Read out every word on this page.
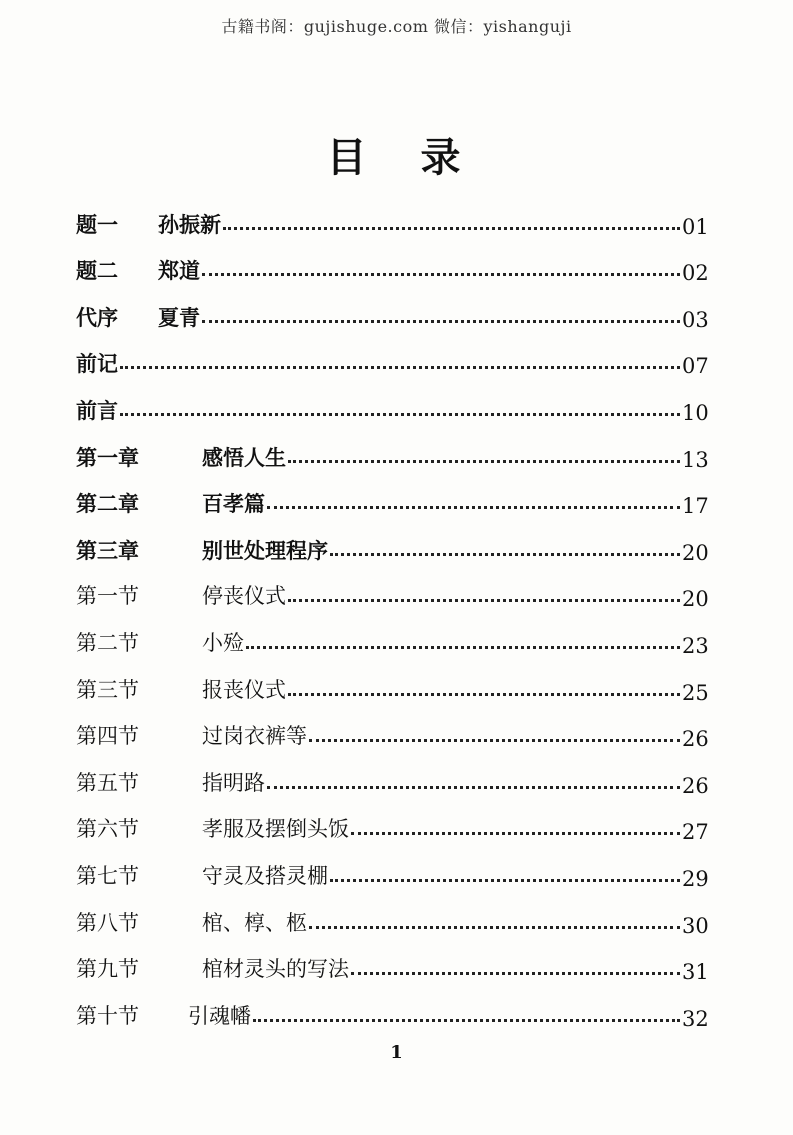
古籍书阁：gujishuge.com 微信：yishanguji
目 录
题一	孙振新	01
题二	郑道	02
代序	夏青	03
前记	07
前言	10
第一章	感悟人生	13
第二章	百孝篇	17
第三章	别世处理程序	20
第一节	停丧仪式	20
第二节	小殓	23
第三节	报丧仪式	25
第四节	过岗衣裤等	26
第五节	指明路	26
第六节	孝服及摆倒头饭	27
第七节	守灵及搭灵棚	29
第八节	棺、椁、柩	30
第九节	棺材灵头的写法	31
第十节	引魂幡	32
1
